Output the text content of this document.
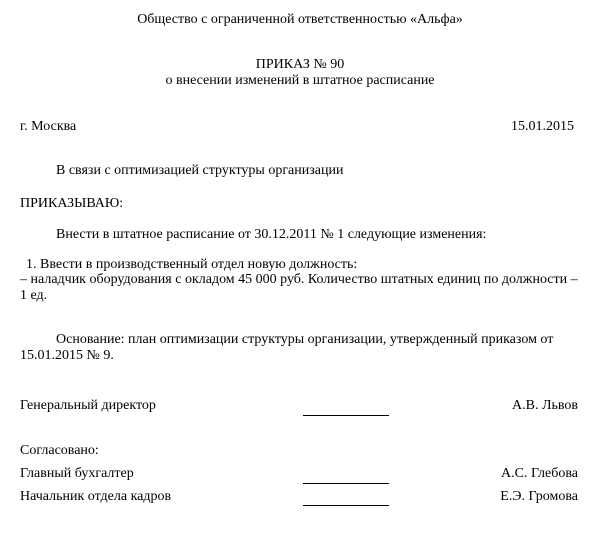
Общество с ограниченной ответственностью «Альфа»
ПРИКАЗ № 90
о внесении изменений в штатное расписание
г. Москва	15.01.2015
В связи с оптимизацией структуры организации
ПРИКАЗЫВАЮ:
Внести в штатное расписание от 30.12.2011 № 1 следующие изменения:
1. Ввести в производственный отдел новую должность:
– наладчик оборудования с окладом 45 000 руб. Количество штатных единиц по должности –
1 ед.
Основание: план оптимизации структуры организации, утвержденный приказом от
15.01.2015 № 9.
Генеральный директор	А.В. Львов
Согласовано:
Главный бухгалтер	А.С. Глебова
Начальник отдела кадров	Е.Э. Громова
